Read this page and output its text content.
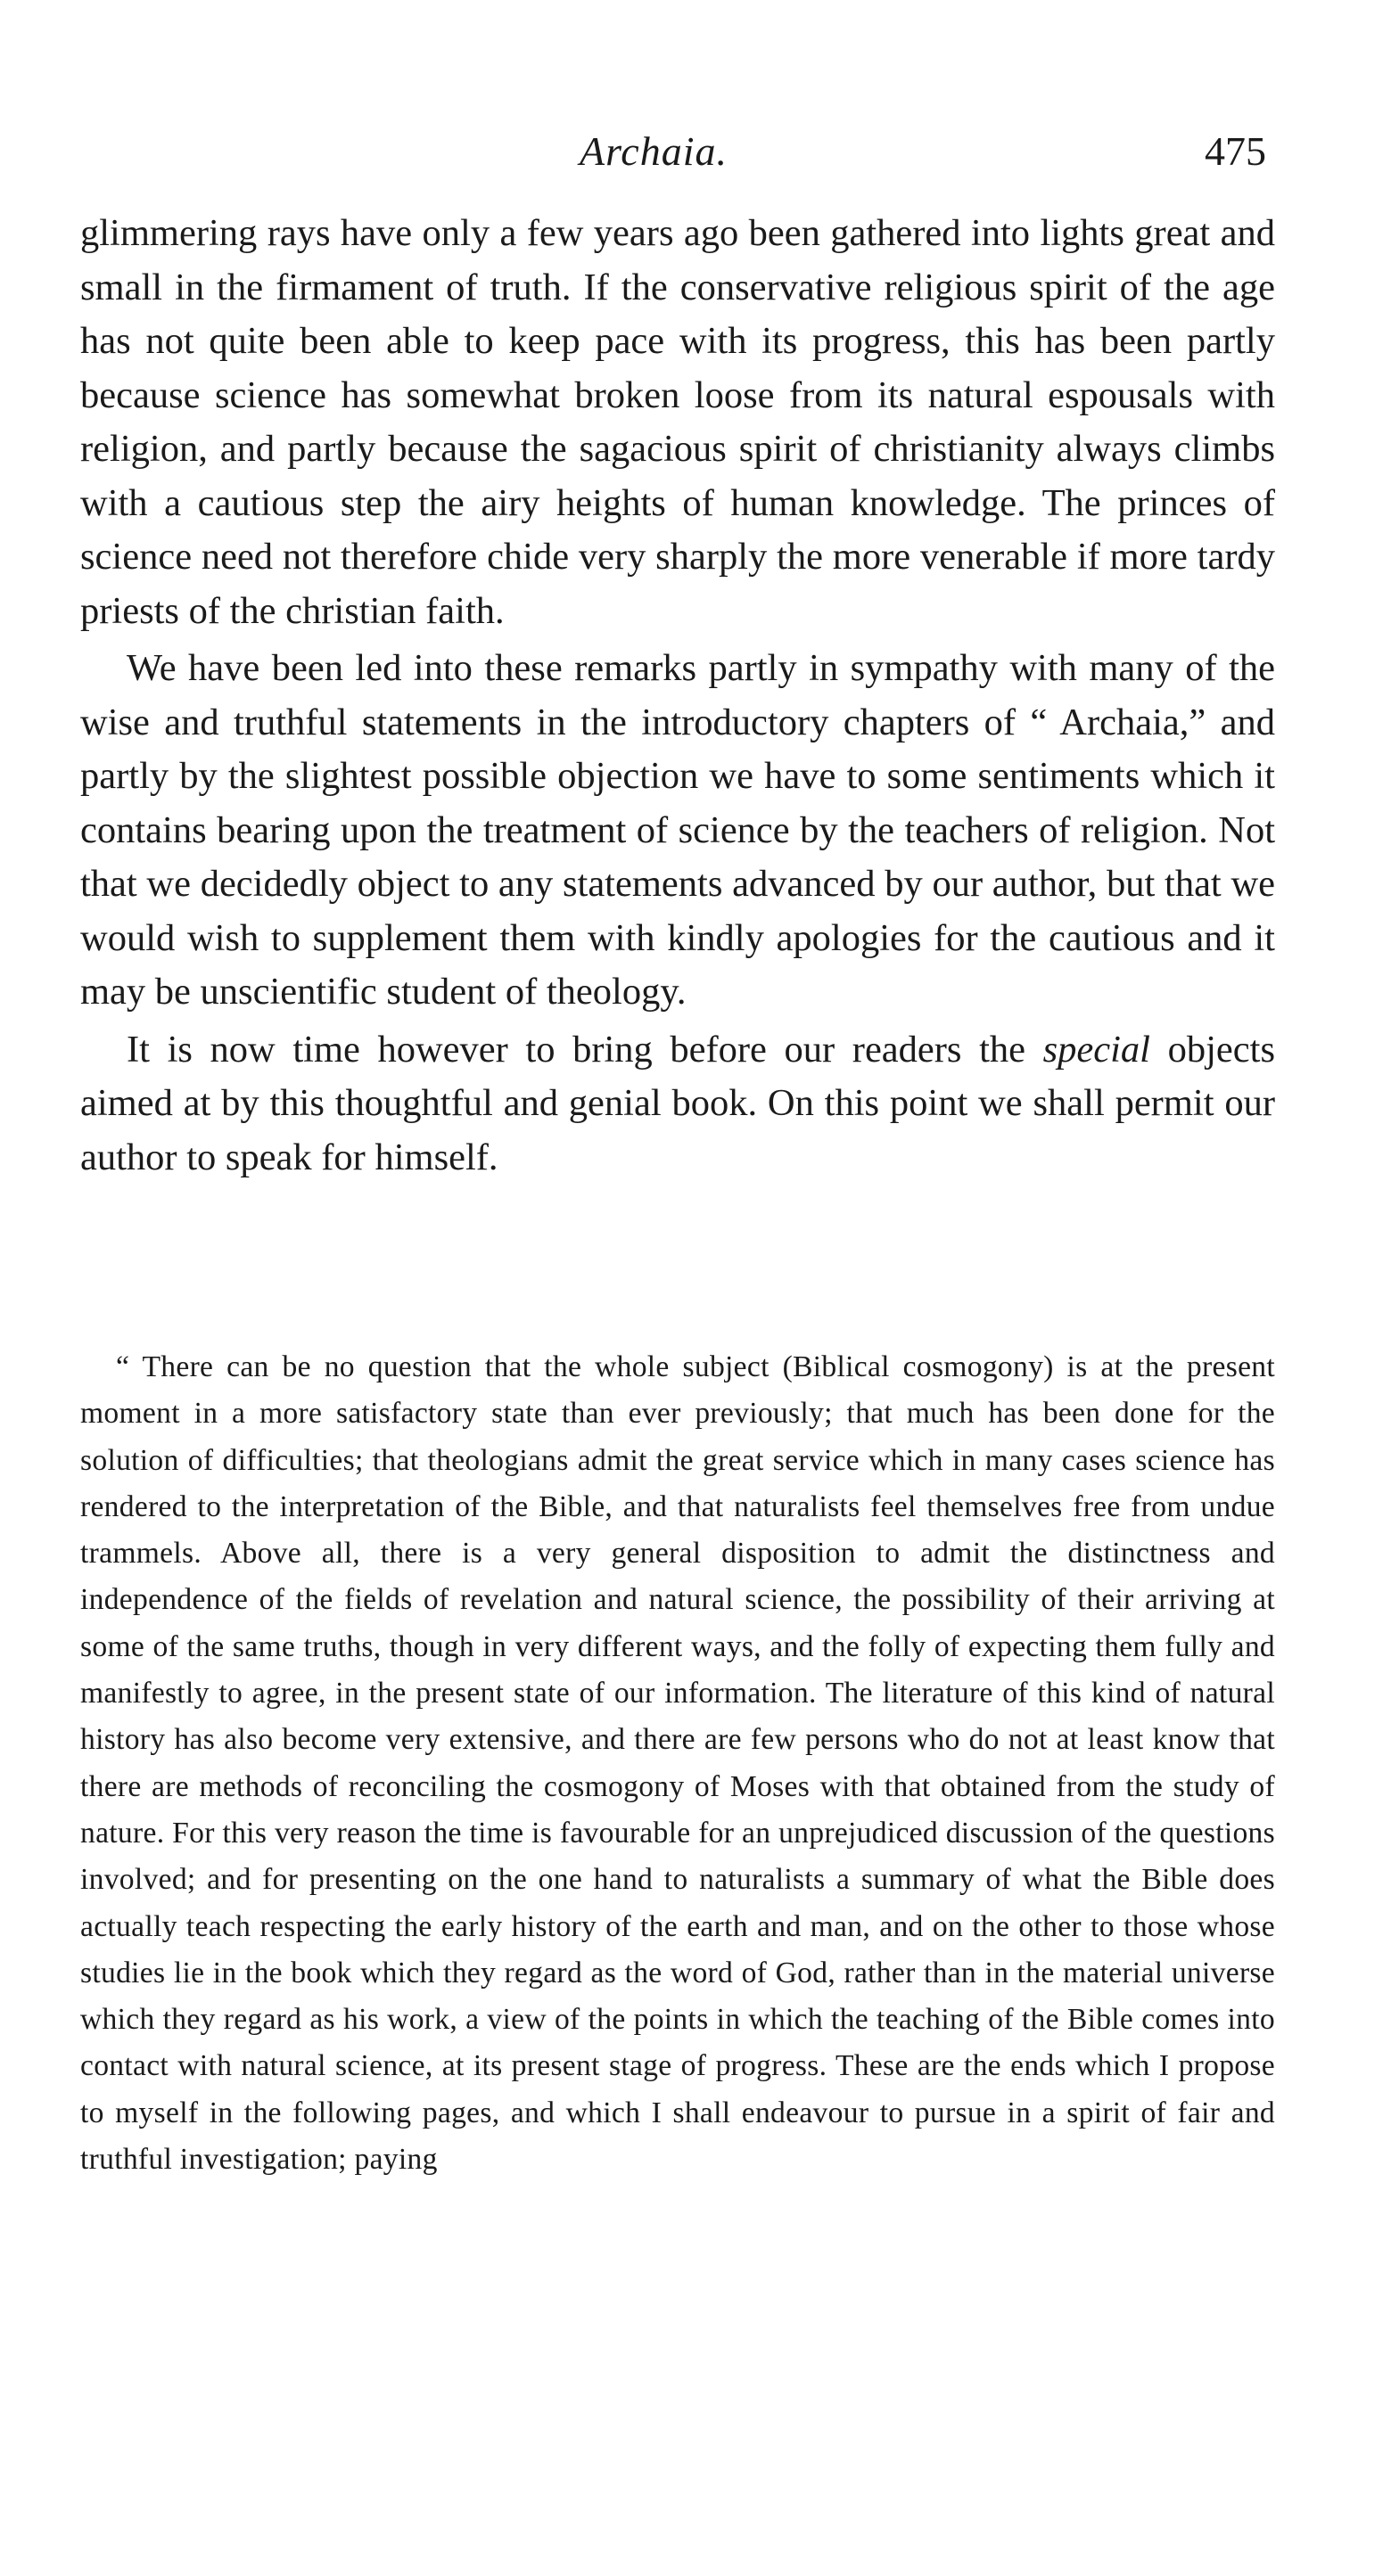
Archaia.	475

glimmering rays have only a few years ago been gathered into lights great and small in the firmament of truth. If the conservative religious spirit of the age has not quite been able to keep pace with its progress, this has been partly because science has somewhat broken loose from its natural espousals with religion, and partly because the sagacious spirit of christianity always climbs with a cautious step the airy heights of human knowledge. The princes of science need not therefore chide very sharply the more venerable if more tardy priests of the christian faith.

We have been led into these remarks partly in sympathy with many of the wise and truthful statements in the introductory chapters of “ Archaia,” and partly by the slightest possible objection we have to some sentiments which it contains bearing upon the treatment of science by the teachers of religion. Not that we decidedly object to any statements advanced by our author, but that we would wish to supplement them with kindly apologies for the cautious and it may be unscientific student of theology.

It is now time however to bring before our readers the special objects aimed at by this thoughtful and genial book. On this point we shall permit our author to speak for himself.

“ There can be no question that the whole subject (Biblical cosmogony) is at the present moment in a more satisfactory state than ever previously; that much has been done for the solution of difficulties; that theologians admit the great service which in many cases science has rendered to the interpretation of the Bible, and that naturalists feel themselves free from undue trammels. Above all, there is a very general disposition to admit the distinctness and independence of the fields of revelation and natural science, the possibility of their arriving at some of the same truths, though in very different ways, and the folly of expecting them fully and manifestly to agree, in the present state of our information. The literature of this kind of natural history has also become very extensive, and there are few persons who do not at least know that there are methods of reconciling the cosmogony of Moses with that obtained from the study of nature. For this very reason the time is favourable for an unprejudiced discussion of the questions involved; and for presenting on the one hand to naturalists a summary of what the Bible does actually teach respecting the early history of the earth and man, and on the other to those whose studies lie in the book which they regard as the word of God, rather than in the material universe which they regard as his work, a view of the points in which the teaching of the Bible comes into contact with natural science, at its present stage of progress. These are the ends which I propose to myself in the following pages, and which I shall endeavour to pursue in a spirit of fair and truthful investigation; paying
